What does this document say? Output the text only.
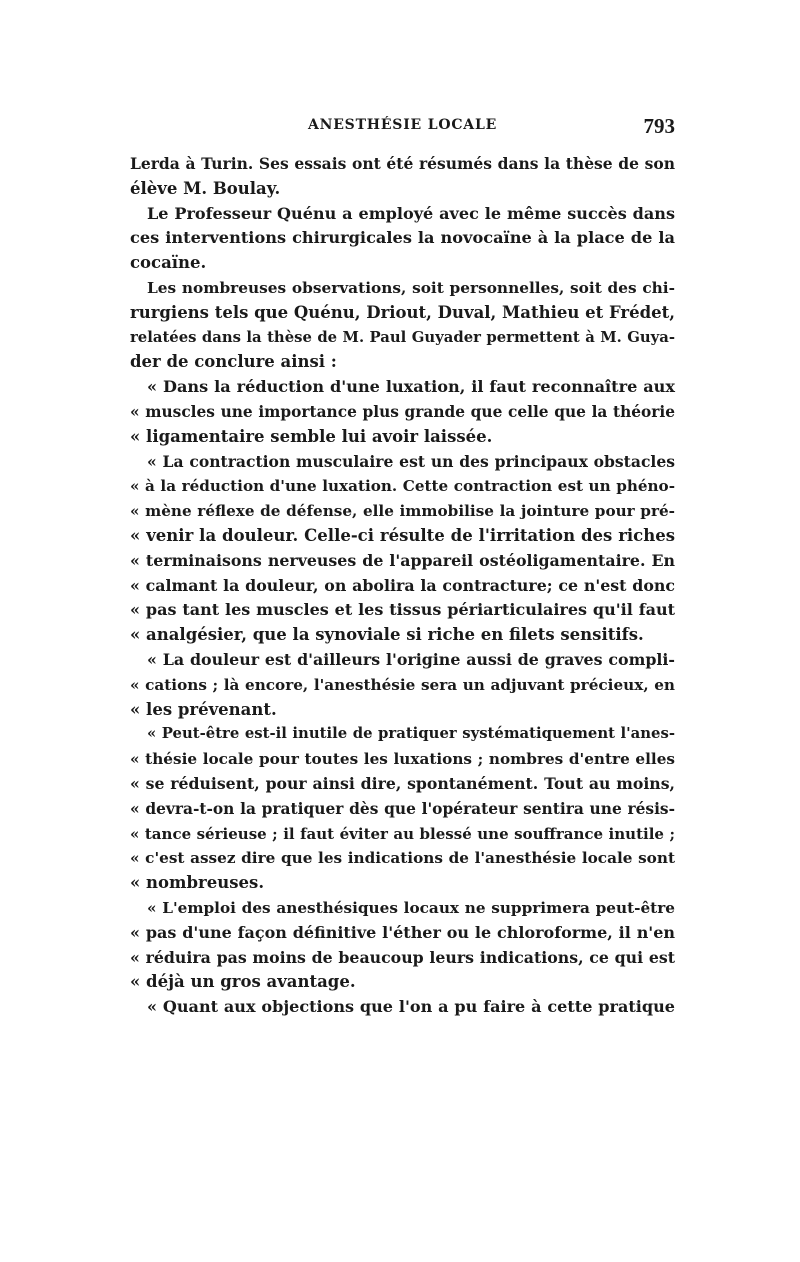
ANESTHÉSIE LOCALE	793
Lerda à Turin. Ses essais ont été résumés dans la thèse de son
élève M. Boulay.
Le Professeur Quénu a employé avec le même succès dans
ces interventions chirurgicales la novocaïne à la place de la
cocaïne.
Les nombreuses observations, soit personnelles, soit des chi-
rurgiens tels que Quénu, Driout, Duval, Mathieu et Frédet,
relatées dans la thèse de M. Paul Guyader permettent à M. Guya-
der de conclure ainsi :
« Dans la réduction d'une luxation, il faut reconnaître aux
« muscles une importance plus grande que celle que la théorie
« ligamentaire semble lui avoir laissée.
« La contraction musculaire est un des principaux obstacles
« à la réduction d'une luxation. Cette contraction est un phéno-
« mène réflexe de défense, elle immobilise la jointure pour pré-
« venir la douleur. Celle-ci résulte de l'irritation des riches
« terminaisons nerveuses de l'appareil ostéoligamentaire. En
« calmant la douleur, on abolira la contracture; ce n'est donc
« pas tant les muscles et les tissus périarticulaires qu'il faut
« analgésier, que la synoviale si riche en filets sensitifs.
« La douleur est d'ailleurs l'origine aussi de graves compli-
« cations ; là encore, l'anesthésie sera un adjuvant précieux, en
« les prévenant.
« Peut-être est-il inutile de pratiquer systématiquement l'anes-
« thésie locale pour toutes les luxations ; nombres d'entre elles
« se réduisent, pour ainsi dire, spontanément. Tout au moins,
« devra-t-on la pratiquer dès que l'opérateur sentira une résis-
« tance sérieuse ; il faut éviter au blessé une souffrance inutile ;
« c'est assez dire que les indications de l'anesthésie locale sont
« nombreuses.
« L'emploi des anesthésiques locaux ne supprimera peut-être
« pas d'une façon définitive l'éther ou le chloroforme, il n'en
« réduira pas moins de beaucoup leurs indications, ce qui est
« déjà un gros avantage.
« Quant aux objections que l'on a pu faire à cette pratique
